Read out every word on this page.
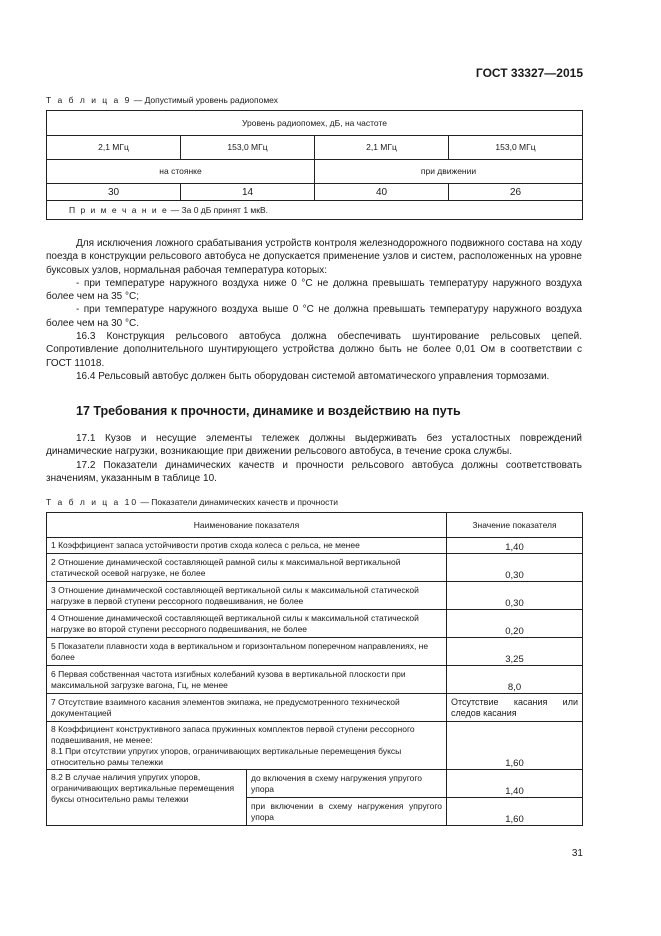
ГОСТ 33327—2015
Т а б л и ц а 9 — Допустимый уровень радиопомех
Уровень радиопомех, дБ, на частоте			
2,1 МГц	153,0 МГц	2,1 МГц	153,0 МГц
на стоянке		при движении	
30	14	40	26
П р и м е ч а н и е — За 0 дБ принят 1 мкВ.			

Для исключения ложного срабатывания устройств контроля железнодорожного подвижного состава на ходу поезда в конструкции рельсового автобуса не допускается применение узлов и систем, расположенных на уровне буксовых узлов, нормальная рабочая температура которых:

- при температуре наружного воздуха ниже 0 °С не должна превышать температуру наружного воздуха более чем на 35 °С;

- при температуре наружного воздуха выше 0 °С не должна превышать температуру наружного воздуха более чем на 30 °С.

16.3 Конструкция рельсового автобуса должна обеспечивать шунтирование рельсовых цепей. Сопротивление дополнительного шунтирующего устройства должно быть не более 0,01 Ом в соответствии с ГОСТ 11018.

16.4 Рельсовый автобус должен быть оборудован системой автоматического управления тормозами.

17 Требования к прочности, динамике и воздействию на путь

17.1 Кузов и несущие элементы тележек должны выдерживать без усталостных повреждений динамические нагрузки, возникающие при движении рельсового автобуса, в течение срока службы.

17.2 Показатели динамических качеств и прочности рельсового автобуса должны соответствовать значениям, указанным в таблице 10.

Т а б л и ц а 10 — Показатели динамических качеств и прочности
Наименование показателя		Значение показателя
1 Коэффициент запаса устойчивости против схода колеса с рельса, не менее		1,40
2 Отношение динамической составляющей рамной силы к максимальной вертикальной статической осевой нагрузке, не более		0,30
3 Отношение динамической составляющей вертикальной силы к максимальной статической нагрузке в первой ступени рессорного подвешивания, не более		0,30
4 Отношение динамической составляющей вертикальной силы к максимальной статической нагрузке во второй ступени рессорного подвешивания, не более		0,20
5 Показатели плавности хода в вертикальном и горизонтальном поперечном направлениях, не более		3,25
6 Первая собственная частота изгибных колебаний кузова в вертикальной плоскости при максимальной загрузке вагона, Гц, не менее		8,0
7 Отсутствие взаимного касания элементов экипажа, не предусмотренного технической документацией		Отсутствие касания или следов касания

8 Коэффициент конструктивного запаса пружинных комплектов первой ступени рессорного подвешивания, не менее:
8.1 При отсутствии упругих упоров, ограничивающих вертикальные перемещения буксы относительно рамы тележки		1,60
8.2 В случае наличия упругих упоров, ограничивающих вертикальные перемещения буксы относительно рамы тележки	до включения в схему нагружения упругого упора	1,40
	при включении в схему нагружения упругого упора	1,60
31
